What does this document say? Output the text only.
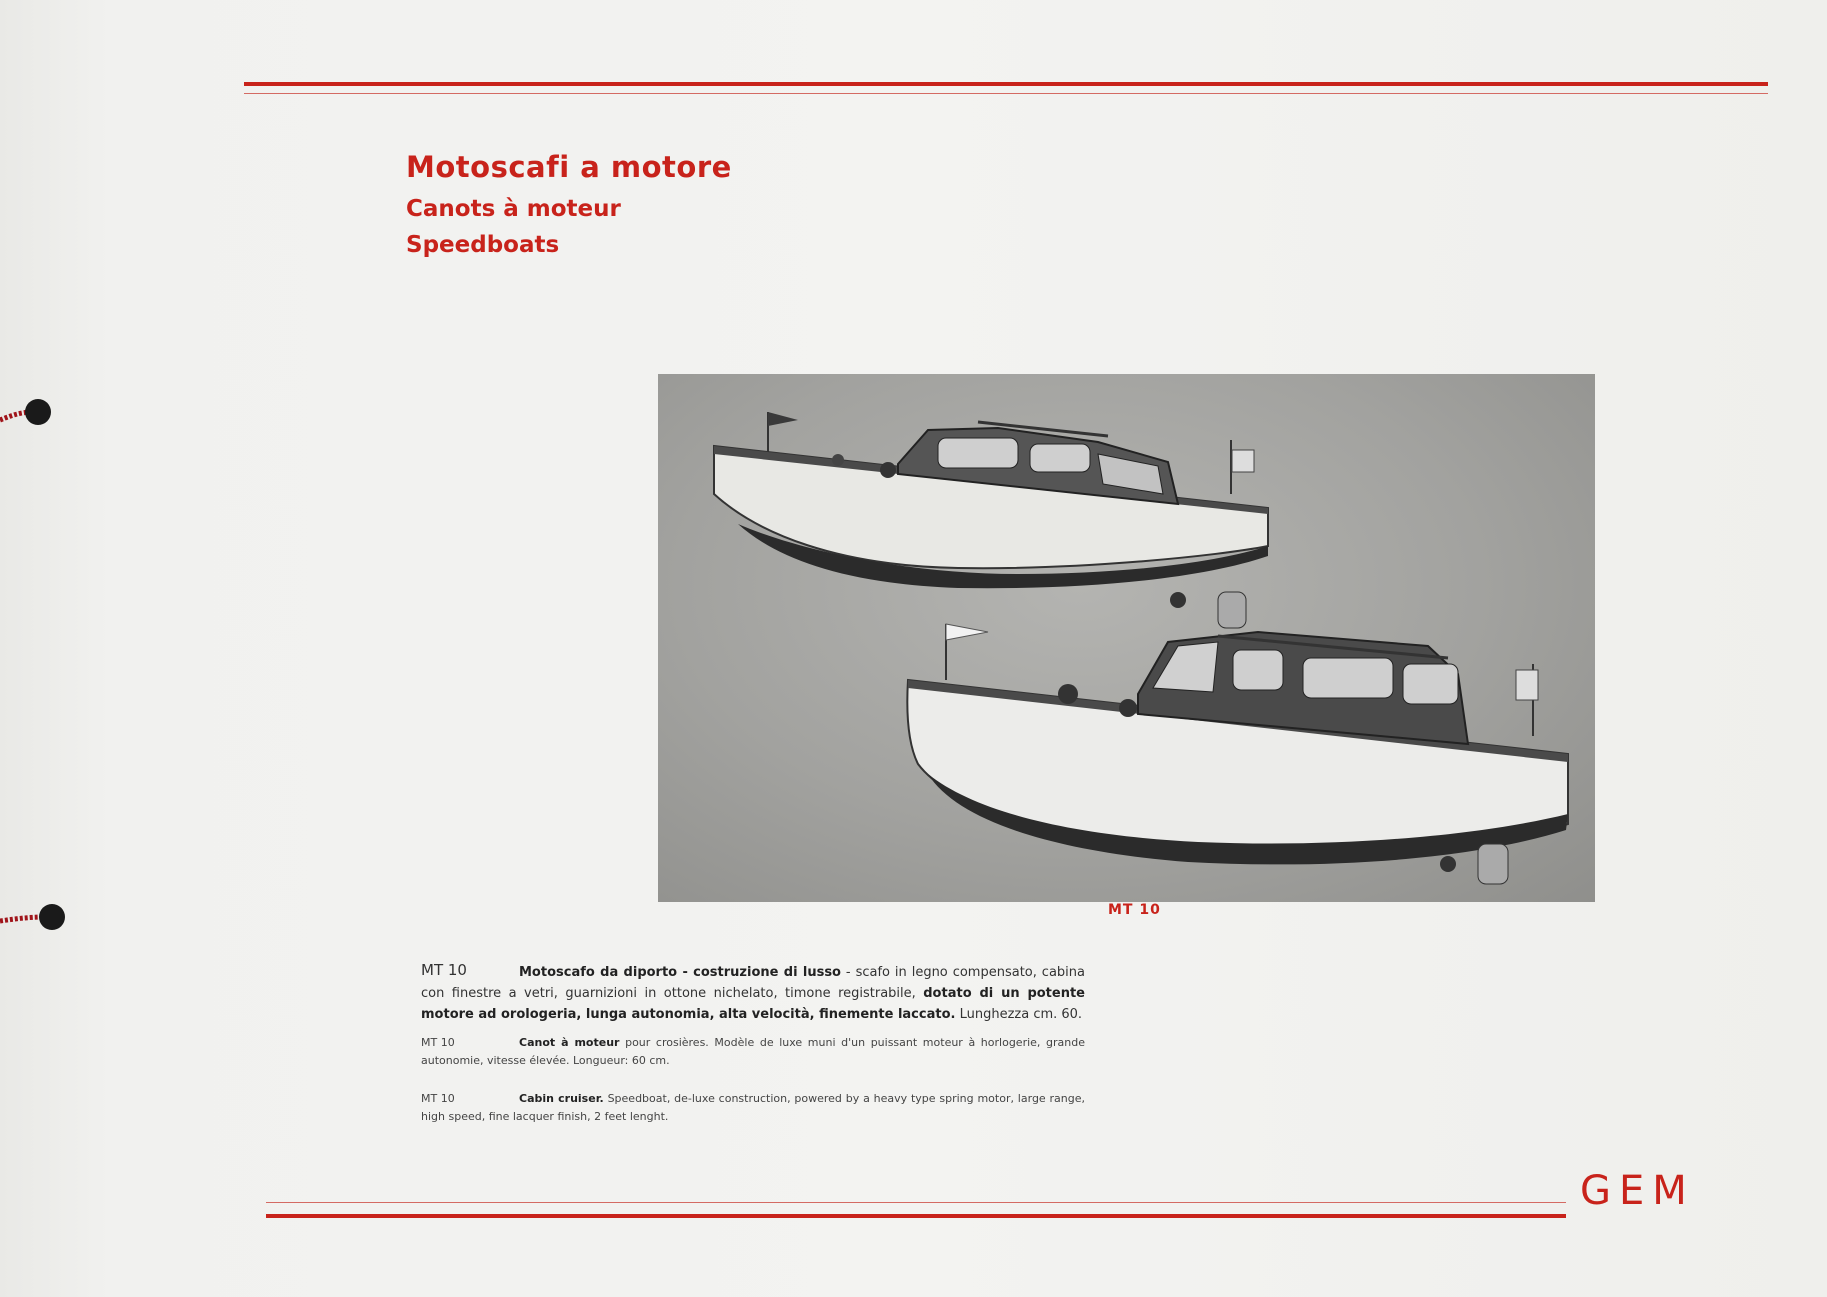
Motoscafi a motore
Canots à moteur
Speedboats
MT 10
MT 10	Motoscafo da diporto - costruzione di lusso - scafo in legno compensato, cabina con finestre a vetri, guarnizioni in ottone nichelato, timone registrabile, dotato di un potente motore ad orologeria, lunga autonomia, alta velocità, finemente laccato. Lunghezza cm. 60.

MT 10	Canot à moteur pour crosières. Modèle de luxe muni d'un puissant moteur à horlogerie, grande autonomie, vitesse élevée. Longueur: 60 cm.

MT 10	Cabin cruiser. Speedboat, de-luxe construction, powered by a heavy type spring motor, large range, high speed, fine lacquer finish, 2 feet lenght.

GEM
